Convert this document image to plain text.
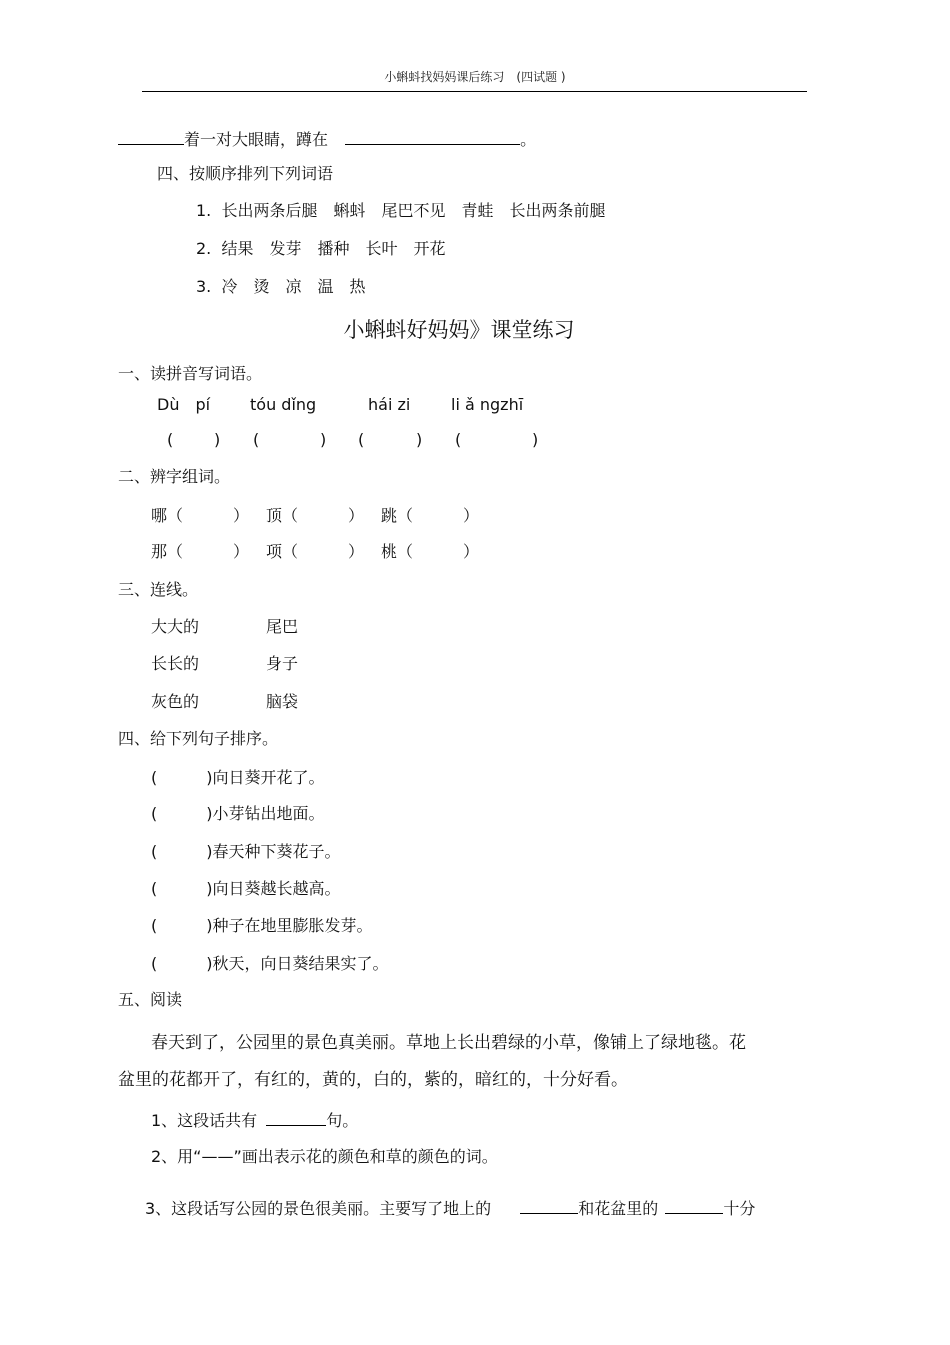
小蝌蚪找妈妈课后练习　(四试题 )
着一对大眼睛，蹲在	。
四、按顺序排列下列词语
1. 长出两条后腿　蝌蚪　尾巴不见　青蛙　长出两条前腿
2. 结果　发芽　播种　长叶　开花
3. 冷　烫　凉　温　热
小蝌蚪好妈妈》课堂练习
一、读拼音写词语。
Dù　pí tóu dǐng	hái zi	li ǎ ngzhī
(	) (	) (	) (	)
二、辨字组词。
哪（	） 顶（	） 跳（	）
那（	） 项（	） 桃（	）
三、连线。
大大的	尾巴
长长的	身子
灰色的	脑袋
四、给下列句子排序。
(	)向日葵开花了。
(	)小芽钻出地面。
(	)春天种下葵花子。
(	)向日葵越长越高。
(	)种子在地里膨胀发芽。
(	)秋天，向日葵结果实了。
五、阅读
春天到了，公园里的景色真美丽。草地上长出碧绿的小草，像铺上了绿地毯。花
盆里的花都开了，有红的，黄的，白的，紫的，暗红的，十分好看。
1、这段话共有	句。
2、用“——”画出表示花的颜色和草的颜色的词。
3、这段话写公园的景色很美丽。主要写了地上的	和花盆里的	十分
